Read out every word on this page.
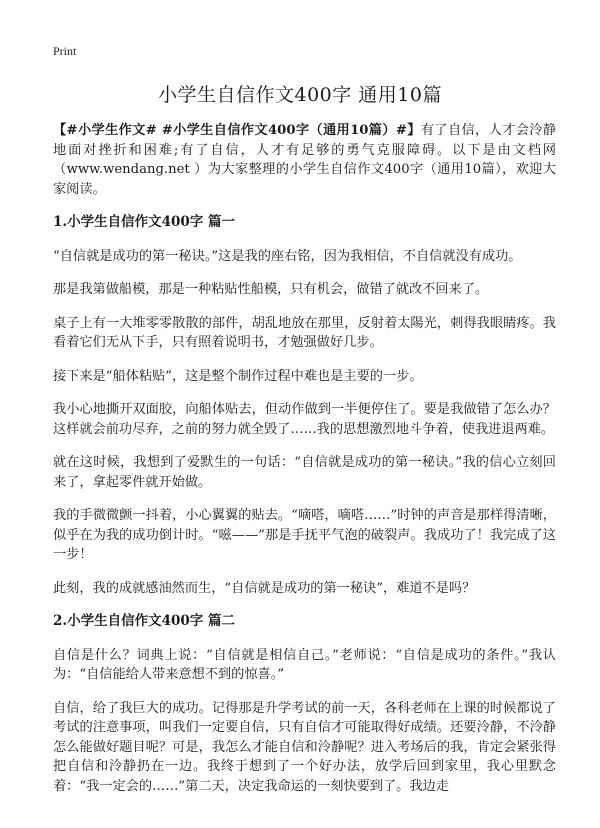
Print
小学生自信作文400字 通用10篇

【#小学生作文# #小学生自信作文400字（通用10篇）#】有了自信，人才会泠静地面对挫折和困难;有了自信，人才有足够的勇气克服障碍。以下是由文档网（www.wendang.net ）为大家整理的小学生自信作文400字（通用10篇），欢迎大家阅读。

1.小学生自信作文400字 篇一

“自信就是成功的第一秘诀。”这是我的座右铭，因为我相信，不自信就没有成功。

那是我第做船模，那是一种粘贴性船模，只有机会，做错了就改不回来了。

桌子上有一大堆零零散散的部件，胡乱地放在那里，反射着太陽光，刺得我眼睛疼。我看着它们无从下手，只有照着说明书，才勉强做好几步。

接下来是“船体粘贴”，这是整个制作过程中难也是主要的一步。

我小心地撕开双面胶，向船体贴去，但动作做到一半便停住了。要是我做错了怎么办？这样就会前功尽弃，之前的努力就全毁了……我的思想激烈地斗争着，使我进退两难。

就在这时候，我想到了爱默生的一句话：“自信就是成功的第一秘诀。”我的信心立刻回来了，拿起零件就开始做。

我的手微微颤一抖着，小心翼翼的贴去。“嘀嗒，嘀嗒……”时钟的声音是那样得清晰，似乎在为我的成功倒计时。“嗞——”那是手抚平气泡的破裂声。我成功了！我完成了这一步！

此刻，我的成就感油然而生，“自信就是成功的第一秘诀”，难道不是吗？

2.小学生自信作文400字 篇二

自信是什么？词典上说：“自信就是相信自己。”老师说：“自信是成功的条件。”我认为：“自信能给人带来意想不到的惊喜。”

自信，给了我巨大的成功。记得那是升学考试的前一天，各科老师在上课的时候都说了考试的注意事项，叫我们一定要自信，只有自信才可能取得好成绩。还要泠静，不泠静怎么能做好题目呢？可是，我怎么才能自信和泠静呢？进入考场后的我，肯定会紧张得把自信和泠静扔在一边。我终于想到了一个好办法，放学后回到家里，我心里默念着：“我一定会的……”第二天，决定我命运的一刻快要到了。我边走
